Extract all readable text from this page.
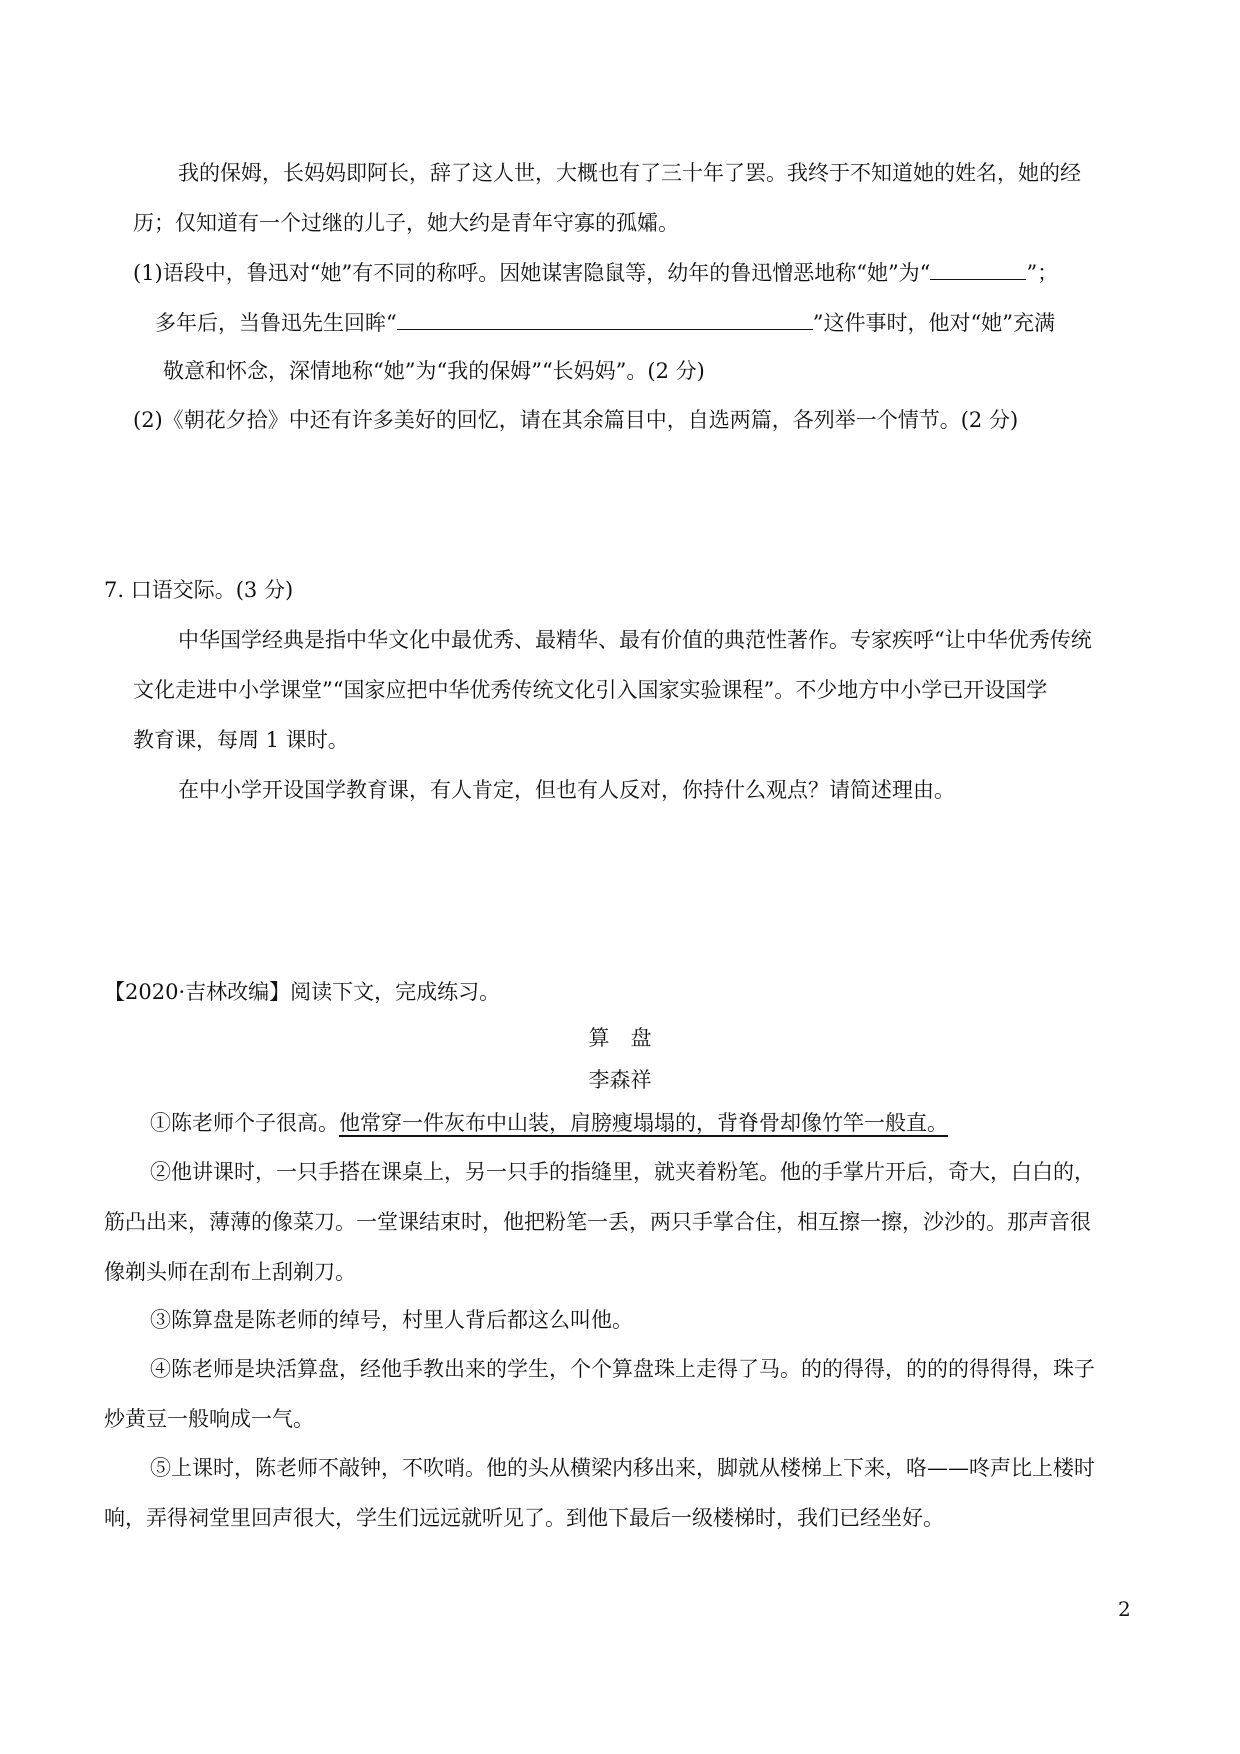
我的保姆，长妈妈即阿长，辞了这人世，大概也有了三十年了罢。我终于不知道她的姓名，她的经
历；仅知道有一个过继的儿子，她大约是青年守寡的孤孀。
(1)语段中，鲁迅对“她”有不同的称呼。因她谋害隐鼠等，幼年的鲁迅憎恶地称“她”为“	”；
多年后，当鲁迅先生回眸“	”这件事时，他对“她”充满
敬意和怀念，深情地称“她”为“我的保姆”“长妈妈”。(2 分)
(2)《朝花夕拾》中还有许多美好的回忆，请在其余篇目中，自选两篇，各列举一个情节。(2 分)
7. 口语交际。(3 分)
中华国学经典是指中华文化中最优秀、最精华、最有价值的典范性著作。专家疾呼“让中华优秀传统
文化走进中小学课堂”“国家应把中华优秀传统文化引入国家实验课程”。不少地方中小学已开设国学
教育课，每周 1 课时。
在中小学开设国学教育课，有人肯定，但也有人反对，你持什么观点？请简述理由。
【2020·吉林改编】阅读下文，完成练习。
算　盘
李森祥
①陈老师个子很高。他常穿一件灰布中山装，肩膀瘦塌塌的，背脊骨却像竹竿一般直。
②他讲课时，一只手搭在课桌上，另一只手的指缝里，就夹着粉笔。他的手掌片开后，奇大，白白的，
筋凸出来，薄薄的像菜刀。一堂课结束时，他把粉笔一丢，两只手掌合住，相互擦一擦，沙沙的。那声音很
像剃头师在刮布上刮剃刀。
③陈算盘是陈老师的绰号，村里人背后都这么叫他。
④陈老师是块活算盘，经他手教出来的学生，个个算盘珠上走得了马。的的得得，的的的得得得，珠子
炒黄豆一般响成一气。
⑤上课时，陈老师不敲钟，不吹哨。他的头从横梁内移出来，脚就从楼梯上下来，咯——咚声比上楼时
响，弄得祠堂里回声很大，学生们远远就听见了。到他下最后一级楼梯时，我们已经坐好。
2
